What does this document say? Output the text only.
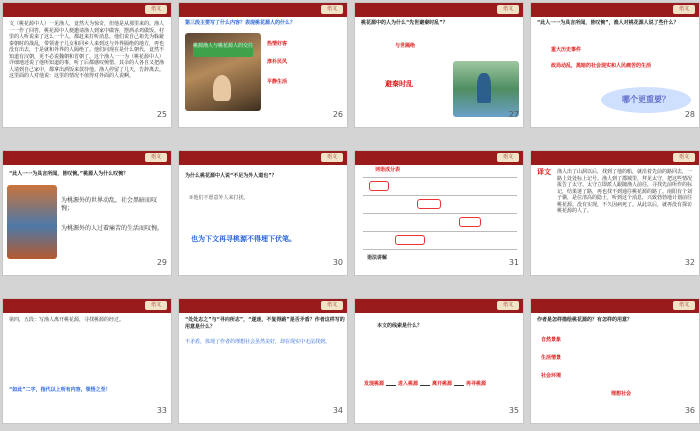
语文
文（桃花源中人）一见渔人，竟然大为惊奇，但他是从那里来的。渔人一一作了回答，桃花源中人便邀请渔人到家中做客，摆酒杀鸡做饭。村里的人听说来了这么一个人，都赶来打听消息。他们说自己祖先为躲避秦朝时的战乱，带领妻子儿女和同乡人来到这与外界隔绝的地方，再也没有出去，于是就和外界的人隔绝了。他们问现在是什么朝代，竟然不知道有汉朝，更不必说魏朝和晋朝了。这个渔人一一为（桃花源中人）详细地述说了他所知道的事，听了后都感叹惋惜。其余的人各自又把渔人请到自己家中，都拿出酒饭来款待他。渔人停留了几天，告辞离去。这里面的人对他说：这里的情况不值得对外面的人说啊。
25
语文
第三段主要写了什么内容？表现桃花源人的什么？
桃源渔人与桃花源人的交往	热情好客
淳朴民风
平静生活
26
语文
桃花源中的人为什么“先世避秦时乱”？
与世隔绝
避秦时乱
27
语文
“此人一一为具言所闻，皆叹惋”，渔人对桃花源人说了些什么？
重大历史事件
政局动乱，黑暗的社会现实和人民痛苦的生活
哪个更重要？
28
语文
“此人一一为具言所闻，皆叹惋。”桃源人为什么叹惋？
为桃源外的世界动乱，社会黑暗而叹惋；
为桃源外的人过着痛苦的生活而叹惋。
29
语文
为什么桃花源中人说“不足为外人道也”？
②他们不愿意外人来打扰。
也为下文再寻桃源不得埋下伏笔。
30
语文
词语成分表
语法讲解	31
语文
译文 渔人出了山洞以后，找到了他的船，就沿着先前的路回去，一路上处处标上记号。渔人到了郡城里，拜见太守，把这些情况报告了太守。太守立即派人跟随渔人前往，寻找先前所作的标记，结果迷了路，再也找不到通往桃花源的路了。南阳有个刘子骥，是位清高的隐士，听到这个消息，兴致勃勃地计划前往桃花源。没有实现，不久因病死了。从此以后，就再没有探访桃花源的人了。
32
语文
第四，五段：写渔人离开桃花源，寻找桃源的经过。
“如此”二字，指代以上所有内容，领悟之至！
33
语文
“处处志之”与“寻向所志”，“遂迷，不复得路”是否矛盾？作者这样写的用意是什么？
不矛盾，体现了作者的理想社会虽然美好，却在现实中无法找到。
34
语文
本文的线索是什么？
发现桃源	进入桃源	离开桃源	再寻桃源
35
语文
作者是怎样描绘桃花源的？有怎样的用意？
自然景象
生活情景
社会环境
理想社会
36
